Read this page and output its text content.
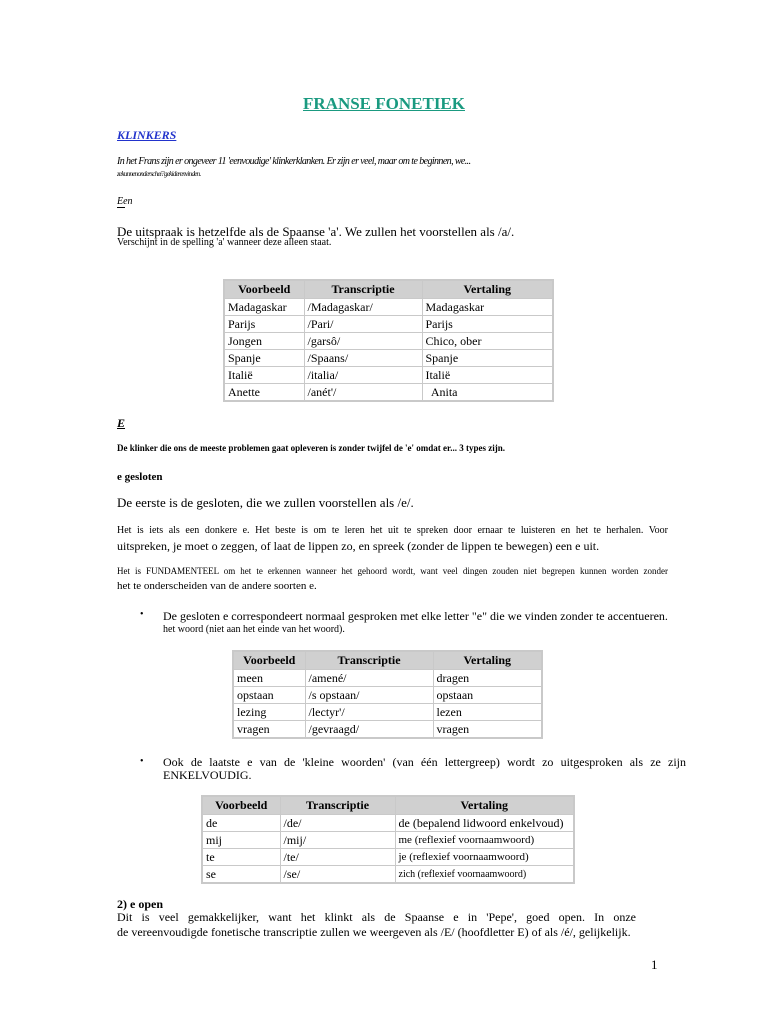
FRANSE FONETIEK
KLINKERS
In het Frans zijn er ongeveer 11 'eenvoudige' klinkerklanken. Er zijn er veel, maar om te beginnen, we...
zekunnenonderschei?gekiderenvinden.
Een
De uitspraak is hetzelfde als de Spaanse 'a'. We zullen het voorstellen als /a/.
Verschijnt in de spelling 'a' wanneer deze alleen staat.
Voorbeeld	Transcriptie	Vertaling
Madagaskar	/Madagaskar/	Madagaskar
Parijs	/Pari/	Parijs
Jongen	/garsô/	Chico, ober
Spanje	/Spaans/	Spanje
Italië	/italia/	Italië
Anette	/anét'/	Anita
E
De klinker die ons de meeste problemen gaat opleveren is zonder twijfel de 'e' omdat er... 3 types zijn.
e gesloten
De eerste is de gesloten, die we zullen voorstellen als /e/.
Het is iets als een donkere e. Het beste is om te leren het uit te spreken door ernaar te luisteren en het te herhalen. Voor
uitspreken, je moet o zeggen, of laat de lippen zo, en spreek (zonder de lippen te bewegen) een e uit.
Het is FUNDAMENTEEL om het te erkennen wanneer het gehoord wordt, want veel dingen zouden niet begrepen kunnen worden zonder
het te onderscheiden van de andere soorten e.
• De gesloten e correspondeert normaal gesproken met elke letter "e" die we vinden zonder te accentueren.
het woord (niet aan het einde van het woord).
Voorbeeld	Transcriptie	Vertaling
meen	/amené/	dragen
opstaan	/s opstaan/	opstaan
lezing	/lectyr'/	lezen
vragen	/gevraagd/	vragen
• Ook de laatste e van de 'kleine woorden' (van één lettergreep) wordt zo uitgesproken als ze zijn
ENKELVOUDIG.
Voorbeeld	Transcriptie	Vertaling
de	/de/	de (bepalend lidwoord enkelvoud)
mij	/mij/	me (reflexief voornaamwoord)
te	/te/	je (reflexief voornaamwoord)
se	/se/	zich (reflexief voornaamwoord)
2) e open
Dit is veel gemakkelijker, want het klinkt als de Spaanse e in 'Pepe', goed open. In onze
de vereenvoudigde fonetische transcriptie zullen we weergeven als /E/ (hoofdletter E) of als /é/, gelijkelijk.
1
